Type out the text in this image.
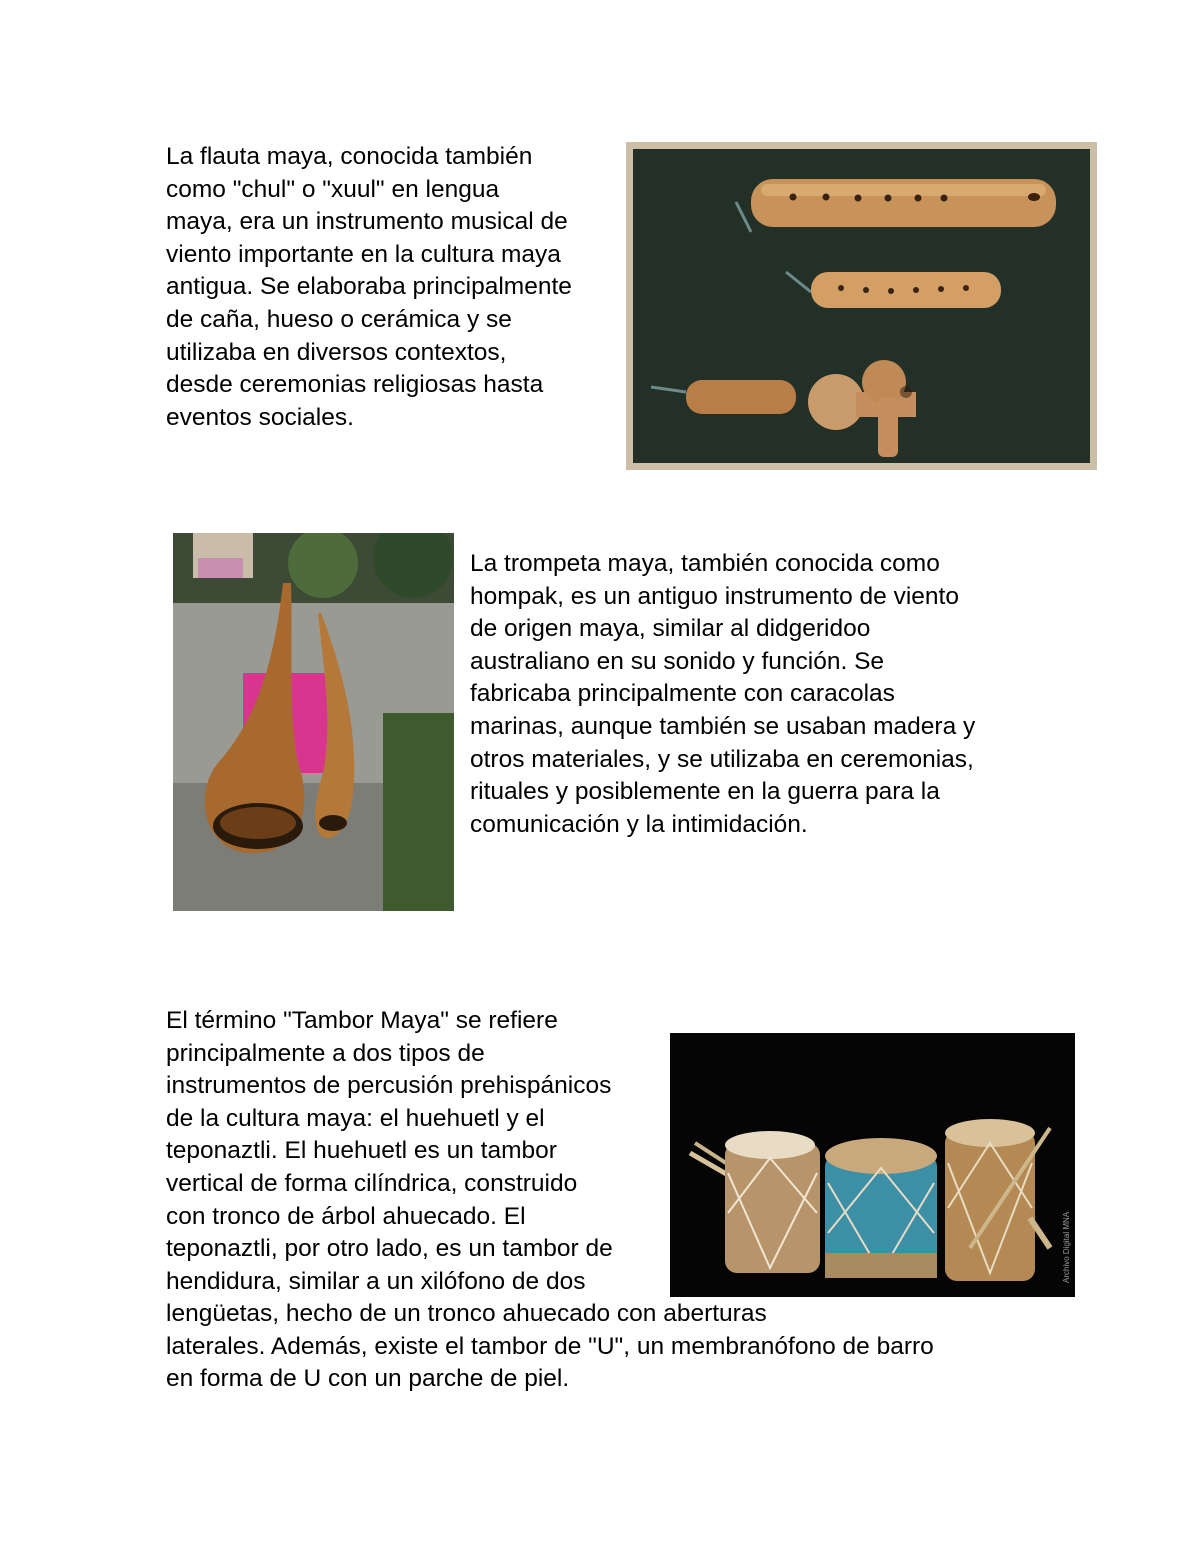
La flauta maya, conocida también
como "chul" o "xuul" en lengua
maya, era un instrumento musical de
viento importante en la cultura maya
antigua. Se elaboraba principalmente
de caña, hueso o cerámica y se
utilizaba en diversos contextos,
desde ceremonias religiosas hasta
eventos sociales.

La trompeta maya, también conocida como
hompak, es un antiguo instrumento de viento
de origen maya, similar al didgeridoo
australiano en su sonido y función. Se
fabricaba principalmente con caracolas
marinas, aunque también se usaban madera y
otros materiales, y se utilizaba en ceremonias,
rituales y posiblemente en la guerra para la
comunicación y la intimidación.

El término "Tambor Maya" se refiere
principalmente a dos tipos de
instrumentos de percusión prehispánicos
de la cultura maya: el huehuetl y el
teponaztli. El huehuetl es un tambor
vertical de forma cilíndrica, construido
con tronco de árbol ahuecado. El
teponaztli, por otro lado, es un tambor de
hendidura, similar a un xilófono de dos	Archivo Digital MNA

lengüetas, hecho de un tronco ahuecado con aberturas
laterales. Además, existe el tambor de "U", un membranófono de barro
en forma de U con un parche de piel.
